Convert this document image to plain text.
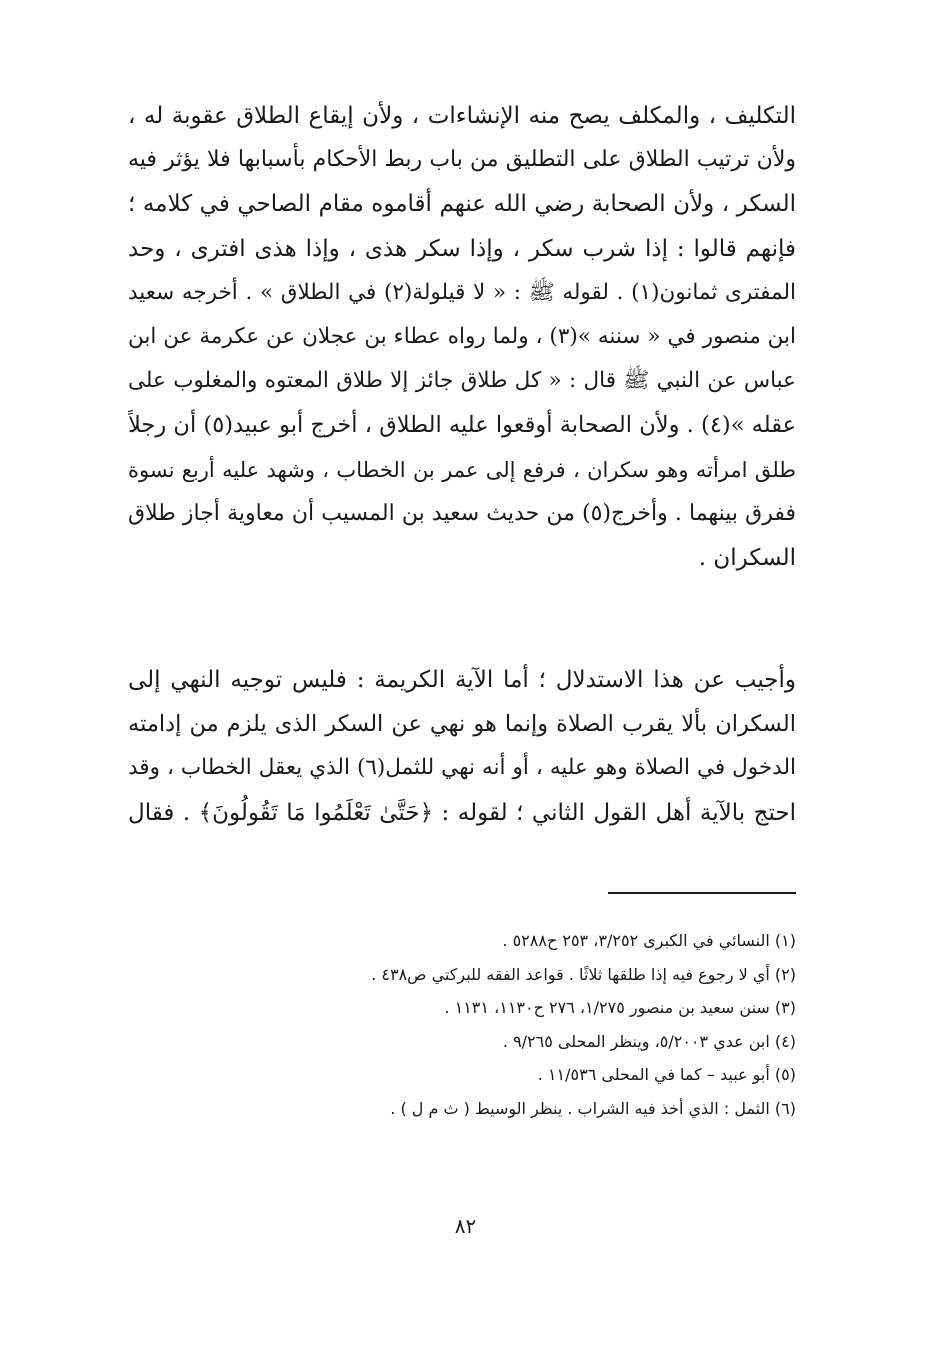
التكليف ، والمكلف يصح منه الإنشاءات ، ولأن إيقاع الطلاق عقوبة له ،
ولأن ترتيب الطلاق على التطليق من باب ربط الأحكام بأسبابها فلا يؤثر فيه
السكر ، ولأن الصحابة رضي الله عنهم أقاموه مقام الصاحي في كلامه ؛
فإنهم قالوا : إذا شرب سكر ، وإذا سكر هذى ، وإذا هذى افترى ، وحد
المفترى ثمانون(١) . لقوله ﷺ : « لا قيلولة(٢) في الطلاق » . أخرجه سعيد
ابن منصور في « سننه »(٣) ، ولما رواه عطاء بن عجلان عن عكرمة عن ابن
عباس عن النبي ﷺ قال : « كل طلاق جائز إلا طلاق المعتوه والمغلوب على
عقله »(٤) . ولأن الصحابة أوقعوا عليه الطلاق ، أخرج أبو عبيد(٥) أن رجلاً
طلق امرأته وهو سكران ، فرفع إلى عمر بن الخطاب ، وشهد عليه أربع نسوة
ففرق بينهما . وأخرج(٥) من حديث سعيد بن المسيب أن معاوية أجاز طلاق
السكران .
وأجيب عن هذا الاستدلال ؛ أما الآية الكريمة : فليس توجيه النهي إلى
السكران بألا يقرب الصلاة وإنما هو نهي عن السكر الذى يلزم من إدامته
الدخول في الصلاة وهو عليه ، أو أنه نهي للثمل(٦) الذي يعقل الخطاب ، وقد
احتج بالآية أهل القول الثاني ؛ لقوله : ﴿حَتَّىٰ تَعْلَمُوا مَا تَقُولُونَ﴾ . فقال
(١) النسائي في الكبرى ٣/٢٥٢، ٢٥٣ ح٥٢٨٨ .
(٢) أي لا رجوع فيه إذا طلقها ثلاثًا . قواعد الفقه للبركتي ص٤٣٨ .
(٣) سنن سعيد بن منصور ١/٢٧٥، ٢٧٦ ح١١٣٠، ١١٣١ .
(٤) ابن عدي ٥/٢٠٠٣، وينظر المحلى ٩/٢٦٥ .
(٥) أبو عبيد – كما في المحلى ١١/٥٣٦ .
(٦) الثمل : الذي أخذ فيه الشراب . ينظر الوسيط ( ث م ل ) .
٨٢
